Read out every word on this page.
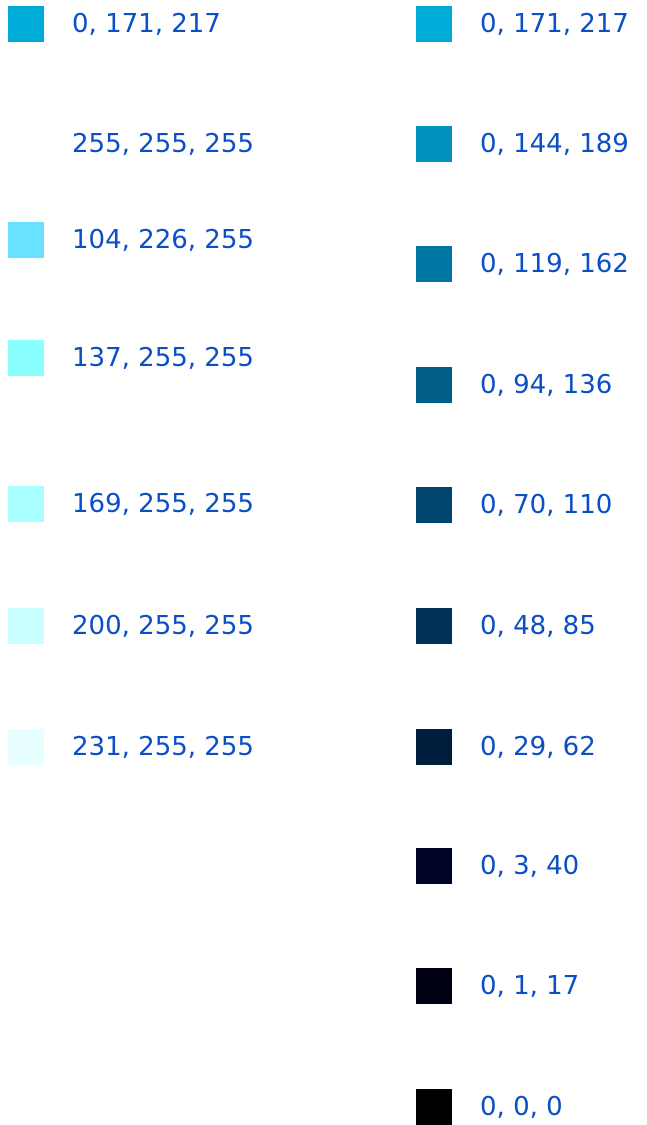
0, 171, 217
255, 255, 255
104, 226, 255
137, 255, 255
169, 255, 255
200, 255, 255
231, 255, 255
0, 171, 217
0, 144, 189
0, 119, 162
0, 94, 136
0, 70, 110
0, 48, 85
0, 29, 62
0, 3, 40
0, 1, 17
0, 0, 0
